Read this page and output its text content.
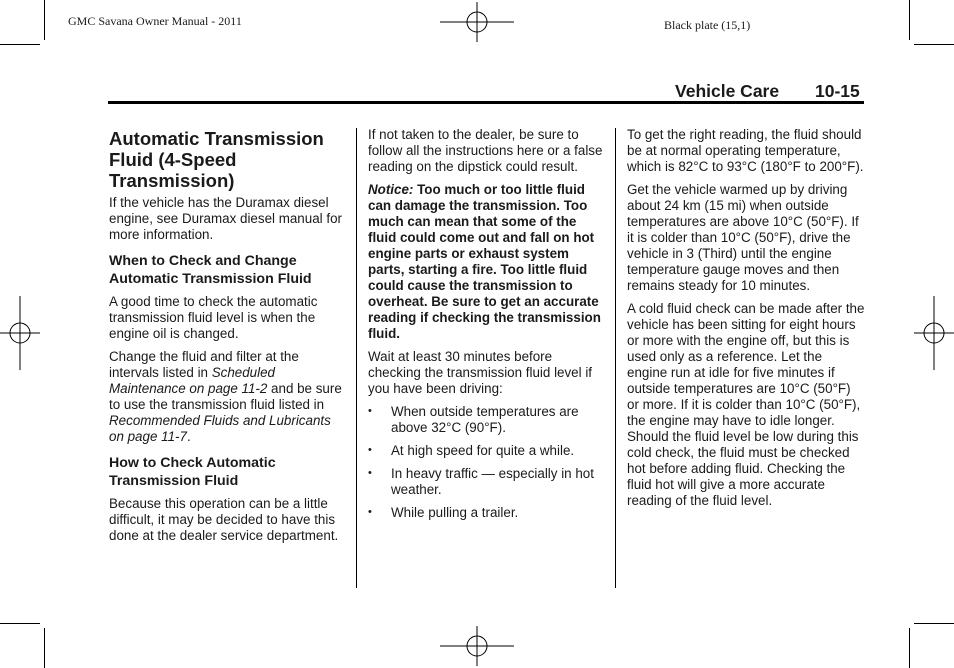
GMC Savana Owner Manual - 2011	Black plate (15,1)
Vehicle Care 10-15
Automatic Transmission Fluid (4-Speed Transmission)

If the vehicle has the Duramax diesel engine, see Duramax diesel manual for more information.

When to Check and Change Automatic Transmission Fluid

A good time to check the automatic transmission fluid level is when the engine oil is changed.

Change the fluid and filter at the intervals listed in Scheduled Maintenance on page 11-2 and be sure to use the transmission fluid listed in Recommended Fluids and Lubricants on page 11-7.

How to Check Automatic Transmission Fluid

Because this operation can be a little difficult, it may be decided to have this done at the dealer service department.

If not taken to the dealer, be sure to follow all the instructions here or a false reading on the dipstick could result.

Notice: Too much or too little fluid can damage the transmission. Too much can mean that some of the fluid could come out and fall on hot engine parts or exhaust system parts, starting a fire. Too little fluid could cause the transmission to overheat. Be sure to get an accurate reading if checking the transmission fluid.

Wait at least 30 minutes before checking the transmission fluid level if you have been driving:

• When outside temperatures are above 32°C (90°F).
• At high speed for quite a while.
• In heavy traffic — especially in hot weather.
• While pulling a trailer.

To get the right reading, the fluid should be at normal operating temperature, which is 82°C to 93°C (180°F to 200°F).

Get the vehicle warmed up by driving about 24 km (15 mi) when outside temperatures are above 10°C (50°F). If it is colder than 10°C (50°F), drive the vehicle in 3 (Third) until the engine temperature gauge moves and then remains steady for 10 minutes.

A cold fluid check can be made after the vehicle has been sitting for eight hours or more with the engine off, but this is used only as a reference. Let the engine run at idle for five minutes if outside temperatures are 10°C (50°F) or more. If it is colder than 10°C (50°F), the engine may have to idle longer. Should the fluid level be low during this cold check, the fluid must be checked hot before adding fluid. Checking the fluid hot will give a more accurate reading of the fluid level.
